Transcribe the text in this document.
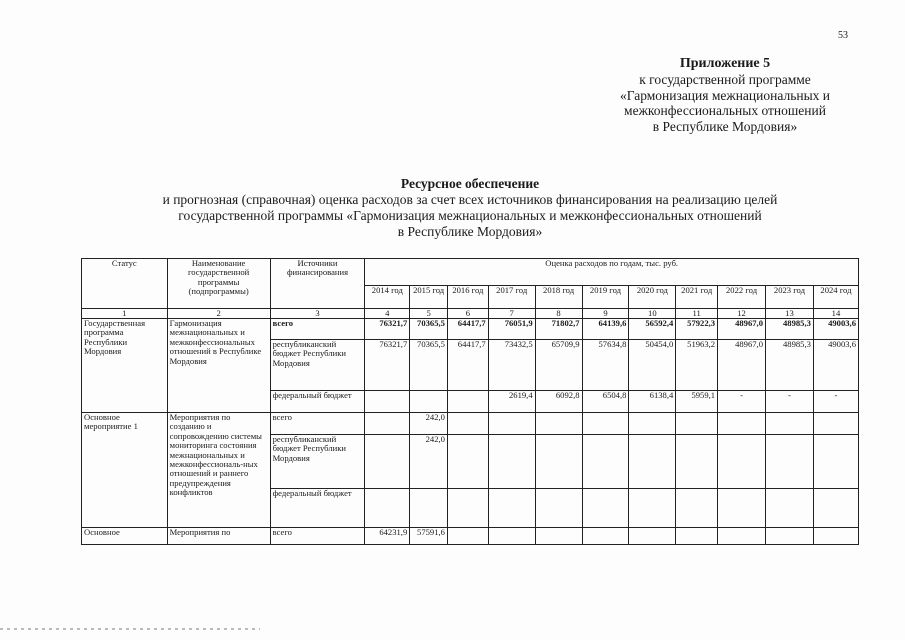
53
Приложение 5
к государственной программе
«Гармонизация межнациональных и
межконфессиональных отношений
в Республике Мордовия»
Ресурсное обеспечение
и прогнозная (справочная) оценка расходов за счет всех источников финансирования на реализацию целей
государственной программы «Гармонизация межнациональных и межконфессиональных отношений
в Республике Мордовия»
Статус	Наименование государственной программы (подпрограммы)	Источники финансирования	Оценка расходов по годам, тыс. руб.										
			2014 год	2015 год	2016 год	2017 год	2018 год	2019 год	2020 год	2021 год	2022 год	2023 год	2024 год
1	2	3	4	5	6	7	8	9	10	11	12	13	14
Государственная программа Республики Мордовия	Гармонизация межнациональных и межконфессиональных отношений в Республике Мордовия	всего	76321,7	70365,5	64417,7	76051,9	71802,7	64139,6	56592,4	57922,3	48967,0	48985,3	49003,6
		республиканский бюджет Республики Мордовия	76321,7	70365,5	64417,7	73432,5	65709,9	57634,8	50454,0	51963,2	48967,0	48985,3	49003,6
		федеральный бюджет				2619,4	6092,8	6504,8	6138,4	5959,1	-	-	-
Основное мероприятие 1	Мероприятия по созданию и сопровождению системы мониторинга состояния межнациональных и межконфессиональ-ных отношений и раннего предупреждения конфликтов	всего		242,0									
		республиканский бюджет Республики Мордовия		242,0									
		федеральный бюджет											
Основное	Мероприятия по	всего	64231,9	57591,6									
